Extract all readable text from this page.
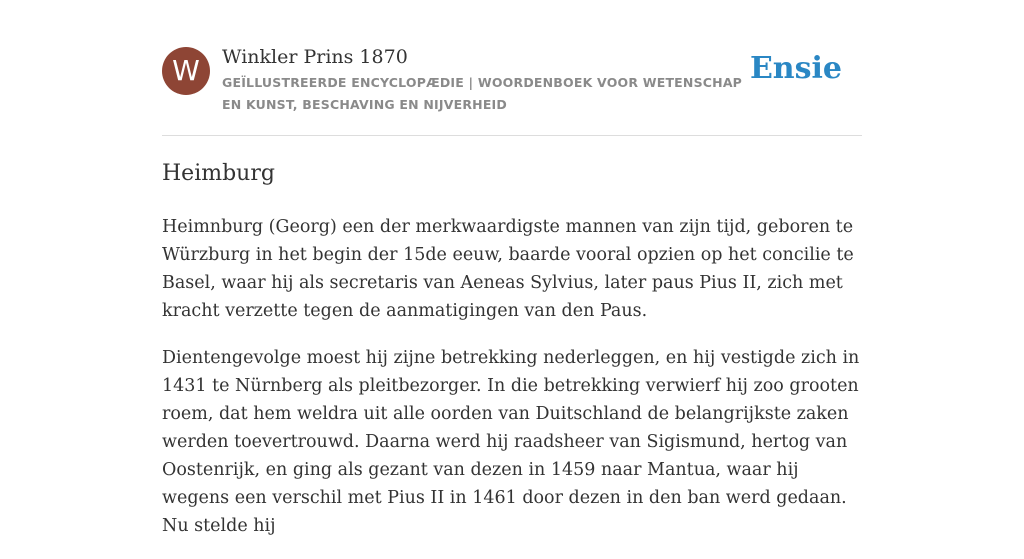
W	Winkler Prins 1870
GEÏLLUSTREERDE ENCYCLOPÆDIE | WOORDENBOEK VOOR WETENSCHAP EN KUNST, BESCHAVING EN NIJVERHEID
Ensie
Heimburg

Heimnburg (Georg) een der merkwaardigste mannen van zijn tijd, geboren te Würzburg in het begin der 15de eeuw, baarde vooral opzien op het concilie te Basel, waar hij als secretaris van Aeneas Sylvius, later paus Pius II, zich met kracht verzette tegen de aanmatigingen van den Paus.

Dientengevolge moest hij zijne betrekking nederleggen, en hij vestigde zich in 1431 te Nürnberg als pleitbezorger. In die betrekking verwierf hij zoo grooten roem, dat hem weldra uit alle oorden van Duitschland de belangrijkste zaken werden toevertrouwd. Daarna werd hij raadsheer van Sigismund, hertog van Oostenrijk, en ging als gezant van dezen in 1459 naar Mantua, waar hij wegens een verschil met Pius II in 1461 door dezen in den ban werd gedaan. Nu stelde hij
